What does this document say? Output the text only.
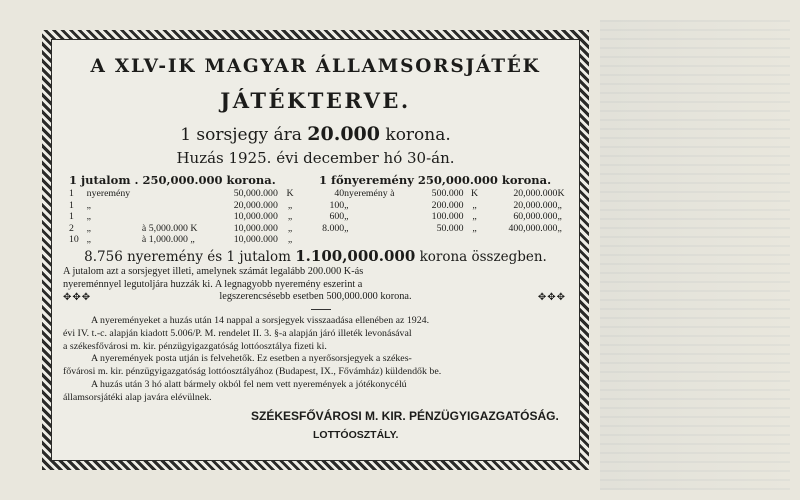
A XLV-IK MAGYAR ÁLLAMSORSJÁTÉK
JÁTÉKTERVE.
1 sorsjegy ára 20.000 korona.
Huzás 1925. évi december hó 30-án.
1 jutalom . 250,000.000 korona.	1 főnyeremény 250,000.000 korona.
1	nyeremény		50,000.000	K	40	nyeremény à	500.000	K	20,000.000	K
1	„		20,000.000	„	100	„	200.000	„	20,000.000	„
1	„		10,000.000	„	600	„	100.000	„	60,000.000	„
2	„	à 5,000.000 K	10,000.000	„	8.000	„	50.000	„	400,000.000	„
10	„	à 1,000.000 „	10,000.000	„						
8.756 nyeremény és 1 jutalom 1.100,000.000 korona összegben.
A jutalom azt a sorsjegyet illeti, amelynek számát legalább 200.000 K-ás
nyereménnyel legutoljára huzzák ki. A legnagyobb nyeremény eszerint a
legszerencsésebb esetben 500,000.000 korona.
✥✥✥	✥✥✥

A nyereményeket a huzás után 14 nappal a sorsjegyek visszaadása ellenében az 1924.

évi IV. t.-c. alapján kiadott 5.006/P. M. rendelet II. 3. §-a alapján járó illeték levonásával

a székesfővárosi m. kir. pénzügyigazgatóság lottóosztálya fizeti ki.

A nyeremények posta utján is felvehetők. Ez esetben a nyerősorsjegyek a székes-

fővárosi m. kir. pénzügyigazgatóság lottóosztályához (Budapest, IX., Fővámház) küldendők be.

A huzás után 3 hó alatt bármely okból fel nem vett nyeremények a jótékonycélú

államsorsjátéki alap javára elévülnek.

SZÉKESFŐVÁROSI M. KIR. PÉNZÜGYIGAZGATÓSÁG.
LOTTÓOSZTÁLY.
